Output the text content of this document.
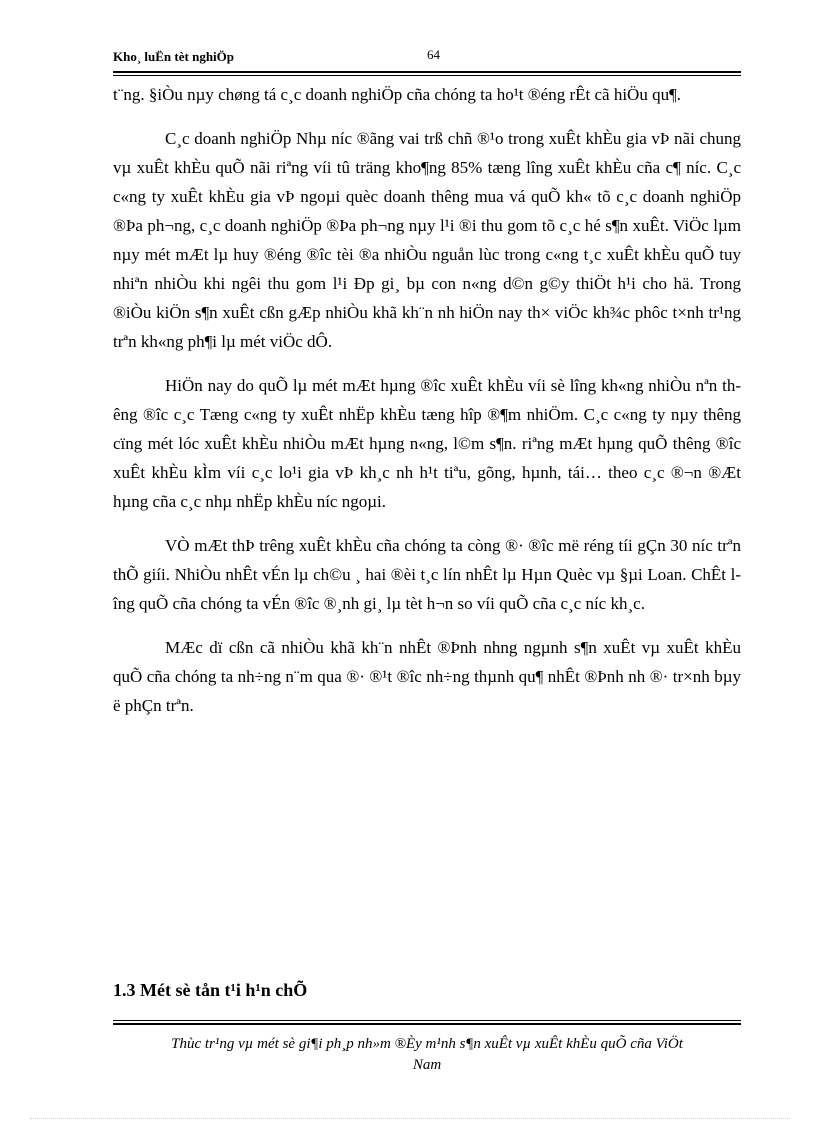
Kho¸ luËn tèt nghiÖp	64

t¨ng. §iÒu nµy chøng tá c¸c doanh nghiÖp cña chóng ta ho¹t ®éng rÊt cã hiÖu qu¶.

C¸c doanh nghiÖp Nhµ níc ®ãng vai trß chñ ®¹o trong xuÊt khÈu gia vÞ nãi chung vµ xuÊt khÈu quÕ nãi riªng víi tû träng kho¶ng 85% tæng lîng xuÊt khÈu cña c¶ níc. C¸c c«ng ty xuÊt khÈu gia vÞ ngoµi quèc doanh thêng mua vá quÕ kh« tõ c¸c doanh nghiÖp ®Þa ph¬ng, c¸c doanh nghiÖp ®Þa ph¬ng nµy l¹i ®i thu gom tõ c¸c hé s¶n xuÊt. ViÖc lµm nµy mét mÆt lµ huy ®éng ®îc tèi ®a nhiÒu nguån lùc trong c«ng t¸c xuÊt khÈu quÕ tuy nhiªn nhiÒu khi ngêi thu gom l¹i Ðp gi¸ bµ con n«ng d©n g©y thiÖt h¹i cho hä. Trong ®iÒu kiÖn s¶n xuÊt cßn gÆp nhiÒu khã kh¨n nh hiÖn nay th× viÖc kh¾c phôc t×nh tr¹ng trªn kh«ng ph¶i lµ mét viÖc dÔ.

HiÖn nay do quÕ lµ mét mÆt hµng ®îc xuÊt khÈu víi sè lîng kh«ng nhiÒu nªn thêng ®îc c¸c Tæng c«ng ty xuÊt nhËp khÈu tæng hîp ®¶m nhiÖm. C¸c c«ng ty nµy thêng cïng mét lóc xuÊt khÈu nhiÒu mÆt hµng n«ng, l©m s¶n. riªng mÆt hµng quÕ thêng ®îc xuÊt khÈu kÌm víi c¸c lo¹i gia vÞ kh¸c nh h¹t tiªu, gõng, hµnh, tái… theo c¸c ®¬n ®Æt hµng cña c¸c nhµ nhËp khÈu níc ngoµi.

VÒ mÆt thÞ trêng xuÊt khÈu cña chóng ta còng ®· ®îc më réng tíi gÇn 30 níc trªn thÕ giíi. NhiÒu nhÊt vÉn lµ ch©u ¸ hai ®èi t¸c lín nhÊt lµ Hµn Quèc vµ §µi Loan. ChÊt lîng quÕ cña chóng ta vÉn ®îc ®¸nh gi¸ lµ tèt h¬n so víi quÕ cña c¸c níc kh¸c.

MÆc dï cßn cã nhiÒu khã kh¨n nhÊt ®Þnh nhng ngµnh s¶n xuÊt vµ xuÊt khÈu quÕ cña chóng ta nh÷ng n¨m qua ®· ®¹t ®îc nh÷ng thµnh qu¶ nhÊt ®Þnh nh ®· tr×nh bµy ë phÇn trªn.

1.3 Mét sè tån t¹i h¹n chÕ
Thùc tr¹ng vµ mét sè gi¶i ph¸p nh»m ®Èy m¹nh s¶n xuÊt vµ xuÊt khÈu quÕ cña ViÖt
Nam
